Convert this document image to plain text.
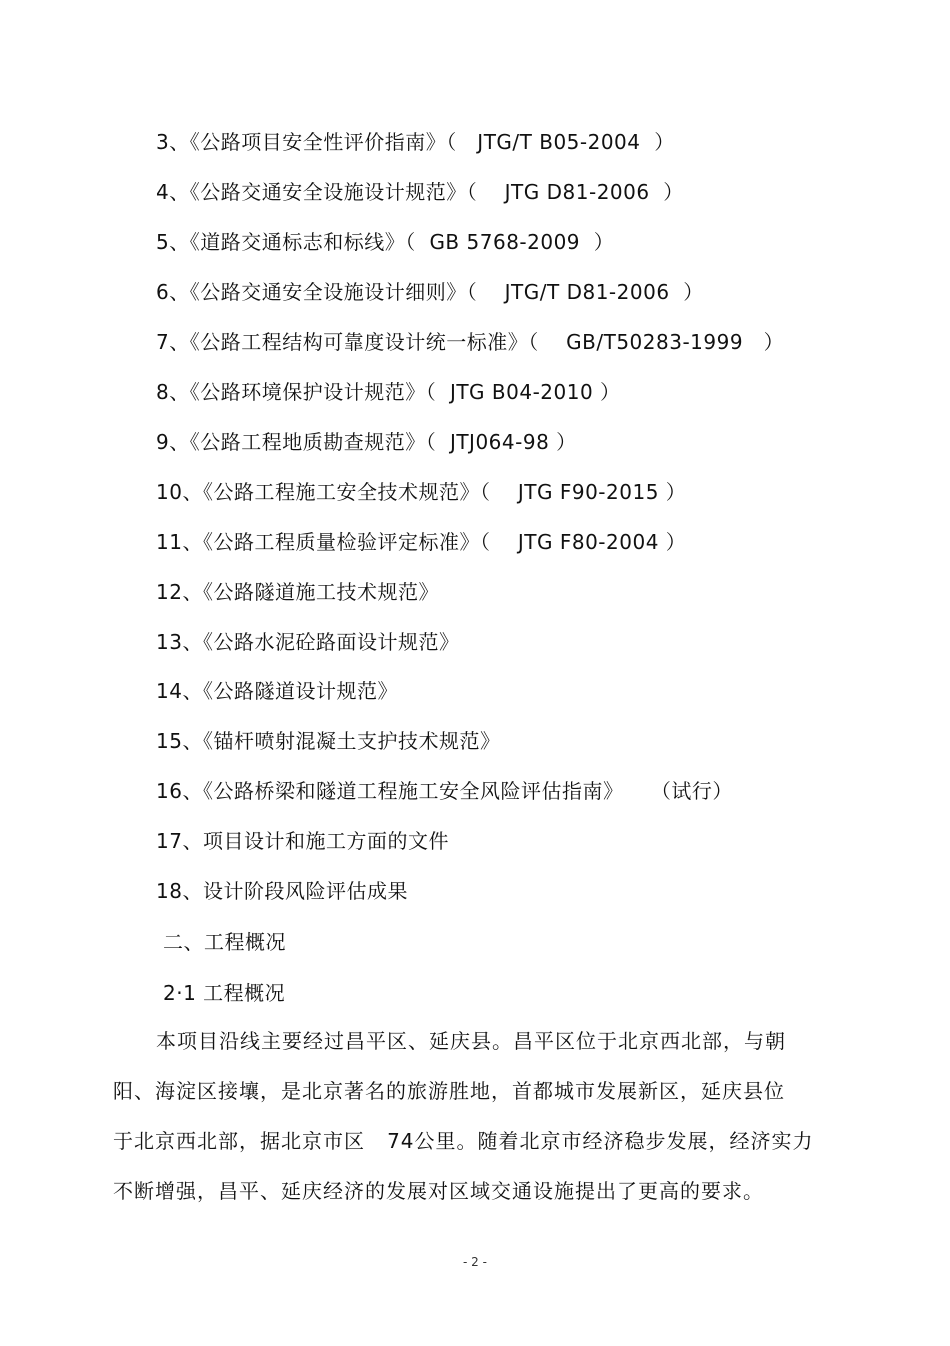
3、《公路项目安全性评价指南》（   JTG/T B05-2004  ）
4、《公路交通安全设施设计规范》（    JTG D81-2006  ）
5、《道路交通标志和标线》（  GB 5768-2009  ）
6、《公路交通安全设施设计细则》（    JTG/T D81-2006  ）
7、《公路工程结构可靠度设计统一标准》（    GB/T50283-1999   ）
8、《公路环境保护设计规范》（  JTG B04-2010 ）
9、《公路工程地质勘查规范》（  JTJ064-98 ）
10、《公路工程施工安全技术规范》（    JTG F90-2015 ）
11、《公路工程质量检验评定标准》（    JTG F80-2004 ）
12、《公路隧道施工技术规范》
13、《公路水泥砼路面设计规范》
14、《公路隧道设计规范》
15、《锚杆喷射混凝土支护技术规范》
16、《公路桥梁和隧道工程施工安全风险评估指南》    （试行）
17、项目设计和施工方面的文件
18、设计阶段风险评估成果
二、工程概况
2·1 工程概况
本项目沿线主要经过昌平区、延庆县。昌平区位于北京西北部，与朝
阳、海淀区接壤，是北京著名的旅游胜地，首都城市发展新区，延庆县位
于北京西北部，据北京市区   74公里。随着北京市经济稳步发展，经济实力
不断增强，昌平、延庆经济的发展对区域交通设施提出了更高的要求。
- 2 -
